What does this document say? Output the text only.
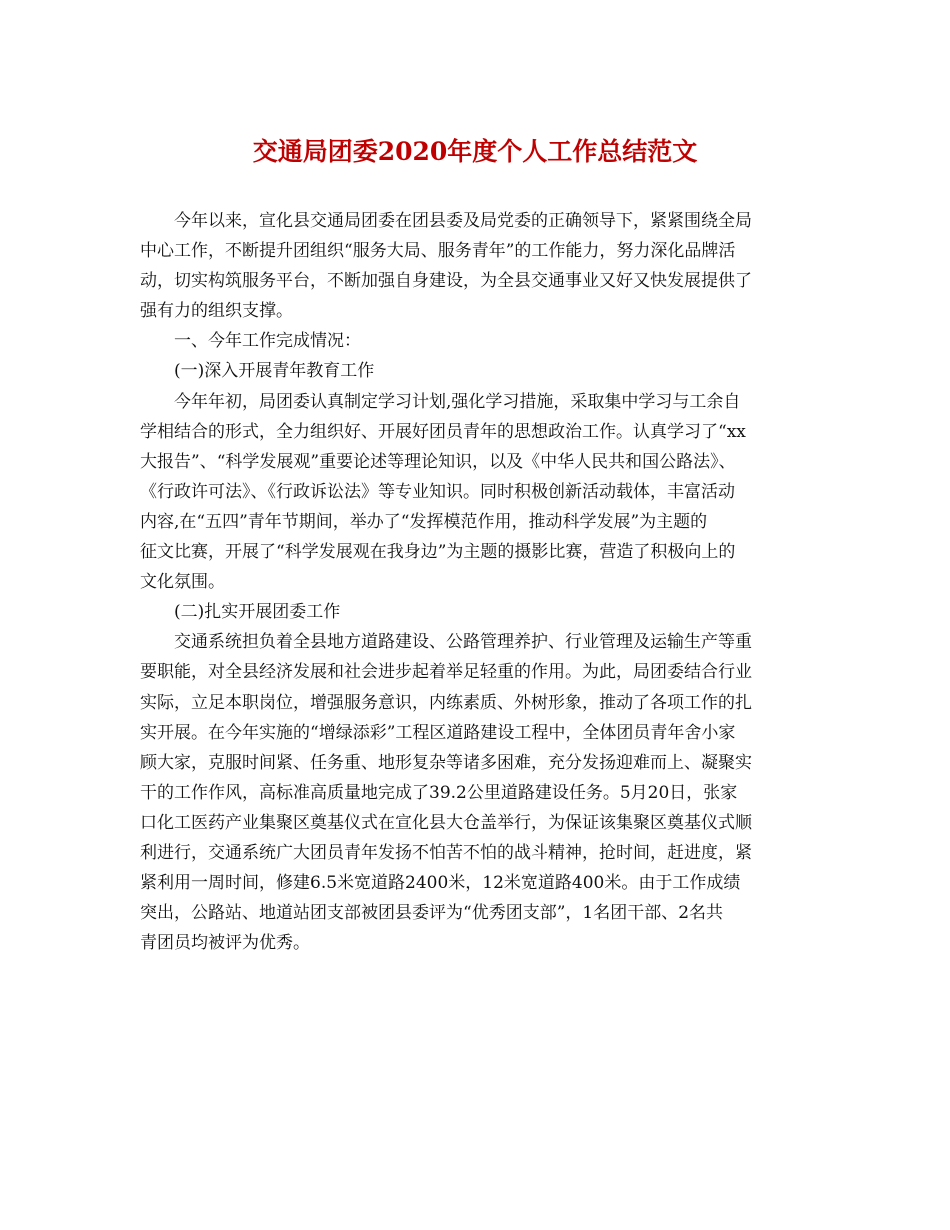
交通局团委2020年度个人工作总结范文
今年以来，宣化县交通局团委在团县委及局党委的正确领导下，紧紧围绕全局
中心工作，不断提升团组织“服务大局、服务青年”的工作能力，努力深化品牌活
动，切实构筑服务平台，不断加强自身建设，为全县交通事业又好又快发展提供了
强有力的组织支撑。
一、今年工作完成情况：
(一)深入开展青年教育工作
今年年初，局团委认真制定学习计划,强化学习措施，采取集中学习与工余自
学相结合的形式，全力组织好、开展好团员青年的思想政治工作。认真学习了“xx
大报告”、“科学发展观”重要论述等理论知识，以及《中华人民共和国公路法》、
《行政许可法》、《行政诉讼法》等专业知识。同时积极创新活动载体，丰富活动
内容,在“五四”青年节期间，举办了“发挥模范作用，推动科学发展”为主题的
征文比赛，开展了“科学发展观在我身边”为主题的摄影比赛，营造了积极向上的
文化氛围。
(二)扎实开展团委工作
交通系统担负着全县地方道路建设、公路管理养护、行业管理及运输生产等重
要职能，对全县经济发展和社会进步起着举足轻重的作用。为此，局团委结合行业
实际，立足本职岗位，增强服务意识，内练素质、外树形象，推动了各项工作的扎
实开展。在今年实施的“增绿添彩”工程区道路建设工程中，全体团员青年舍小家
顾大家，克服时间紧、任务重、地形复杂等诸多困难，充分发扬迎难而上、凝聚实
干的工作作风，高标准高质量地完成了39.2公里道路建设任务。5月20日，张家
口化工医药产业集聚区奠基仪式在宣化县大仓盖举行，为保证该集聚区奠基仪式顺
利进行，交通系统广大团员青年发扬不怕苦不怕的战斗精神，抢时间，赶进度，紧
紧利用一周时间，修建6.5米宽道路2400米，12米宽道路400米。由于工作成绩
突出，公路站、地道站团支部被团县委评为“优秀团支部”，1名团干部、2名共
青团员均被评为优秀。
